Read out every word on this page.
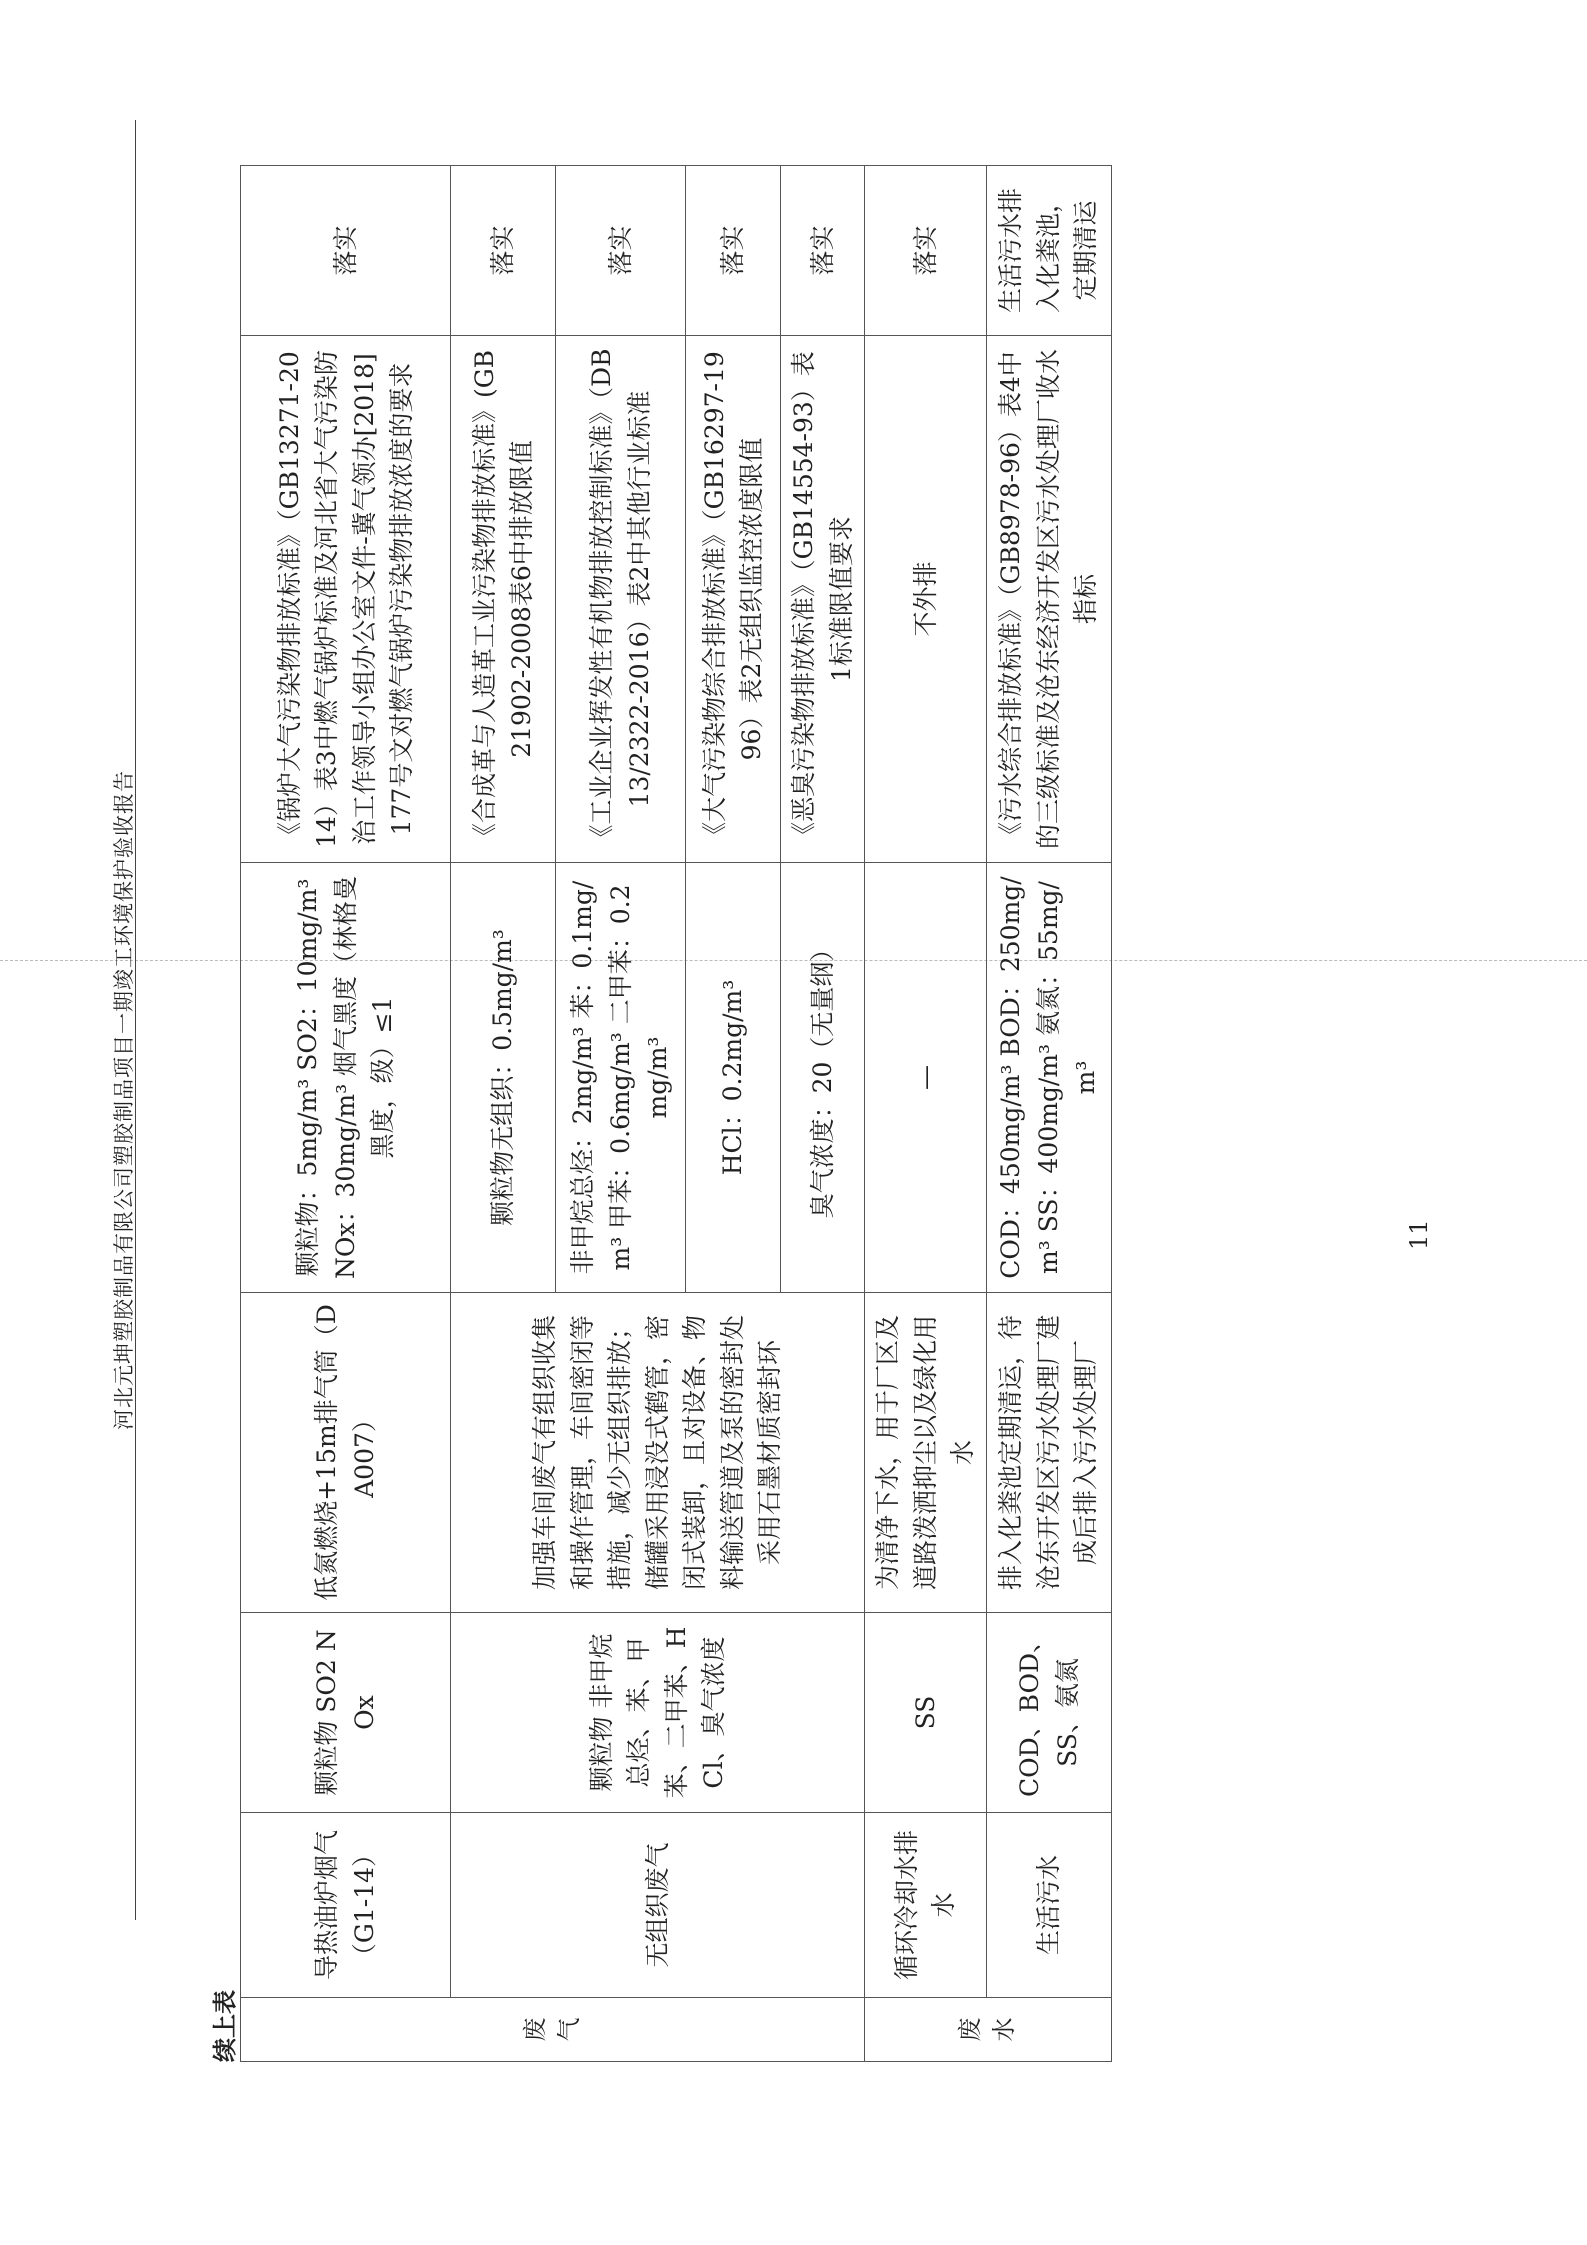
河北元坤塑胶制品有限公司塑胶制品项目一期竣工环境保护验收报告
续上表	废气	导热油炉烟气（G1-14）	颗粒物 SO2 NOx	低氮燃烧+15m排气筒（DA007）	颗粒物：5mg/m³ SO2：10mg/m³ NOx：30mg/m³ 烟气黑度（林格曼黑度，级）≤1	《锅炉大气污染物排放标准》（GB13271-2014）表3中燃气锅炉标准及河北省大气污染防治工作领导小组办公室文件-冀气领办[2018]177号文对燃气锅炉污染物排放浓度的要求	落实
	无组织废气	颗粒物 非甲烷总烃、苯、甲苯、二甲苯、HCl、臭气浓度	加强车间废气有组织收集和操作管理，车间密闭等措施，减少无组织排放；储罐采用浸没式鹤管，密闭式装卸，且对设备、物料输送管道及泵的密封处采用石墨材质密封环	颗粒物无组织：0.5mg/m³	《合成革与人造革工业污染物排放标准》(GB21902-2008表6中排放限值	落实
				非甲烷总烃：2mg/m³ 苯：0.1mg/m³ 甲苯：0.6mg/m³ 二甲苯：0.2mg/m³	《工业企业挥发性有机物排放控制标准》（DB13/2322-2016）表2中其他行业标准	落实
				HCl：0.2mg/m³	《大气污染物综合排放标准》（GB16297-1996）表2无组织监控浓度限值	落实
				臭气浓度：20（无量纲）	《恶臭污染物排放标准》（GB14554-93）表1标准限值要求	落实
废水	循环冷却水排水	SS	为清净下水，用于厂区及道路泼洒抑尘以及绿化用水	—	不外排	落实
	生活污水	COD、BOD、SS、氨氮	排入化粪池定期清运，待沧东开发区污水处理厂建成后排入污水处理厂	COD：450mg/m³ BOD：250mg/m³ SS：400mg/m³ 氨氮：55mg/m³	《污水综合排放标准》（GB8978-96）表4中的三级标准及沧东经济开发区污水处理厂收水指标	生活污水排入化粪池，定期清运
11
